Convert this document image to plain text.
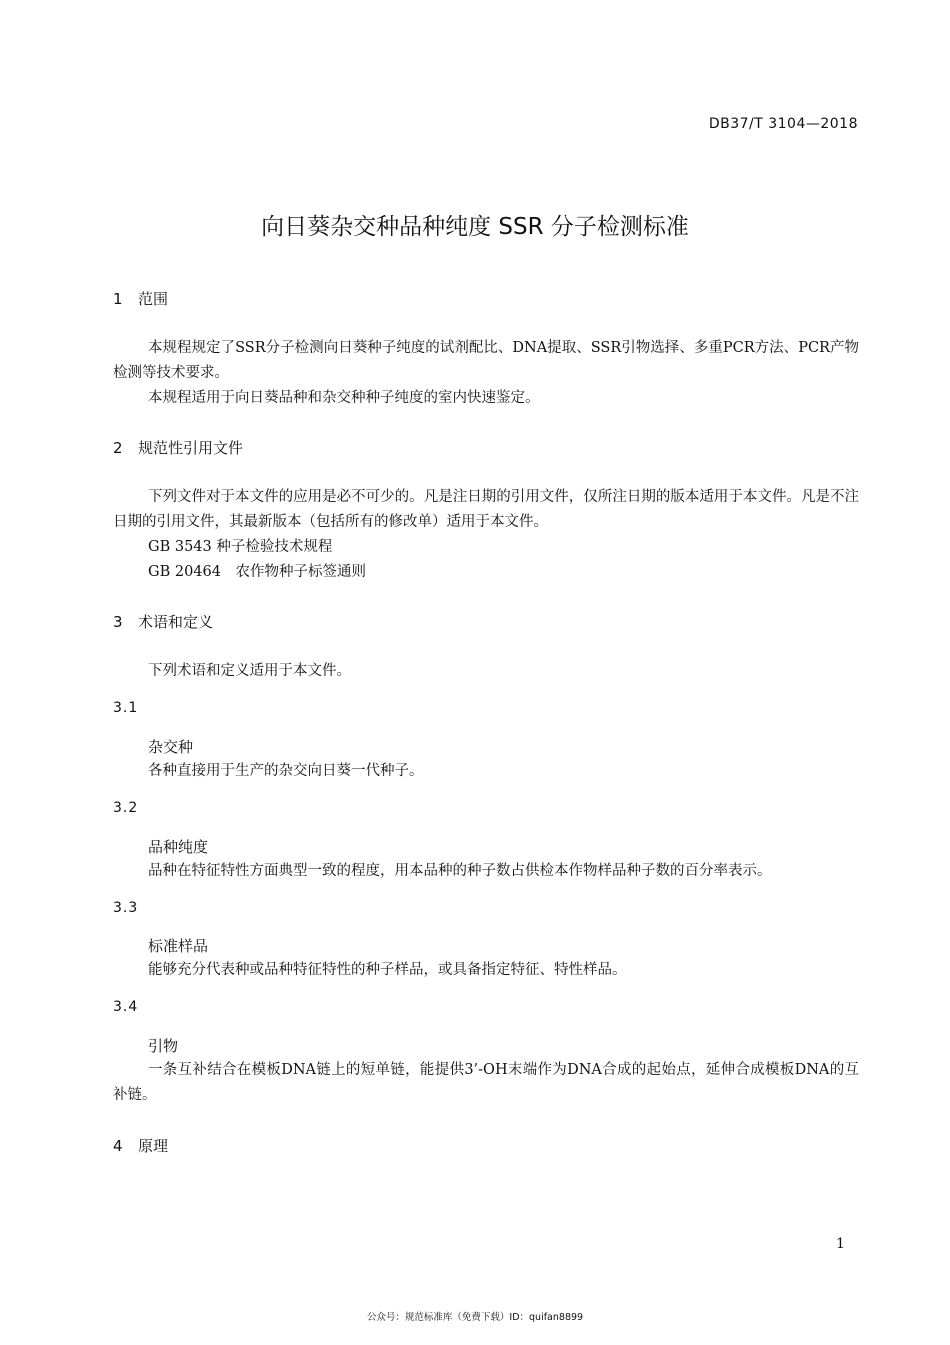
DB37/T 3104—2018
向日葵杂交种品种纯度 SSR 分子检测标准
1 范围

本规程规定了SSR分子检测向日葵种子纯度的试剂配比、DNA提取、SSR引物选择、多重PCR方法、PCR产物检测等技术要求。

本规程适用于向日葵品种和杂交种种子纯度的室内快速鉴定。

2 规范性引用文件

下列文件对于本文件的应用是必不可少的。凡是注日期的引用文件，仅所注日期的版本适用于本文件。凡是不注日期的引用文件，其最新版本（包括所有的修改单）适用于本文件。

GB 3543 种子检验技术规程
GB 20464　农作物种子标签通则
3 术语和定义
下列术语和定义适用于本文件。
3.1
杂交种
各种直接用于生产的杂交向日葵一代种子。
3.2
品种纯度
品种在特征特性方面典型一致的程度，用本品种的种子数占供检本作物样品种子数的百分率表示。
3.3
标准样品
能够充分代表种或品种特征特性的种子样品，或具备指定特征、特性样品。
3.4
引物

一条互补结合在模板DNA链上的短单链，能提供3’-OH末端作为DNA合成的起始点，延伸合成模板DNA的互补链。

4 原理
1
公众号：规范标准库（免费下载）ID：quifan8899
